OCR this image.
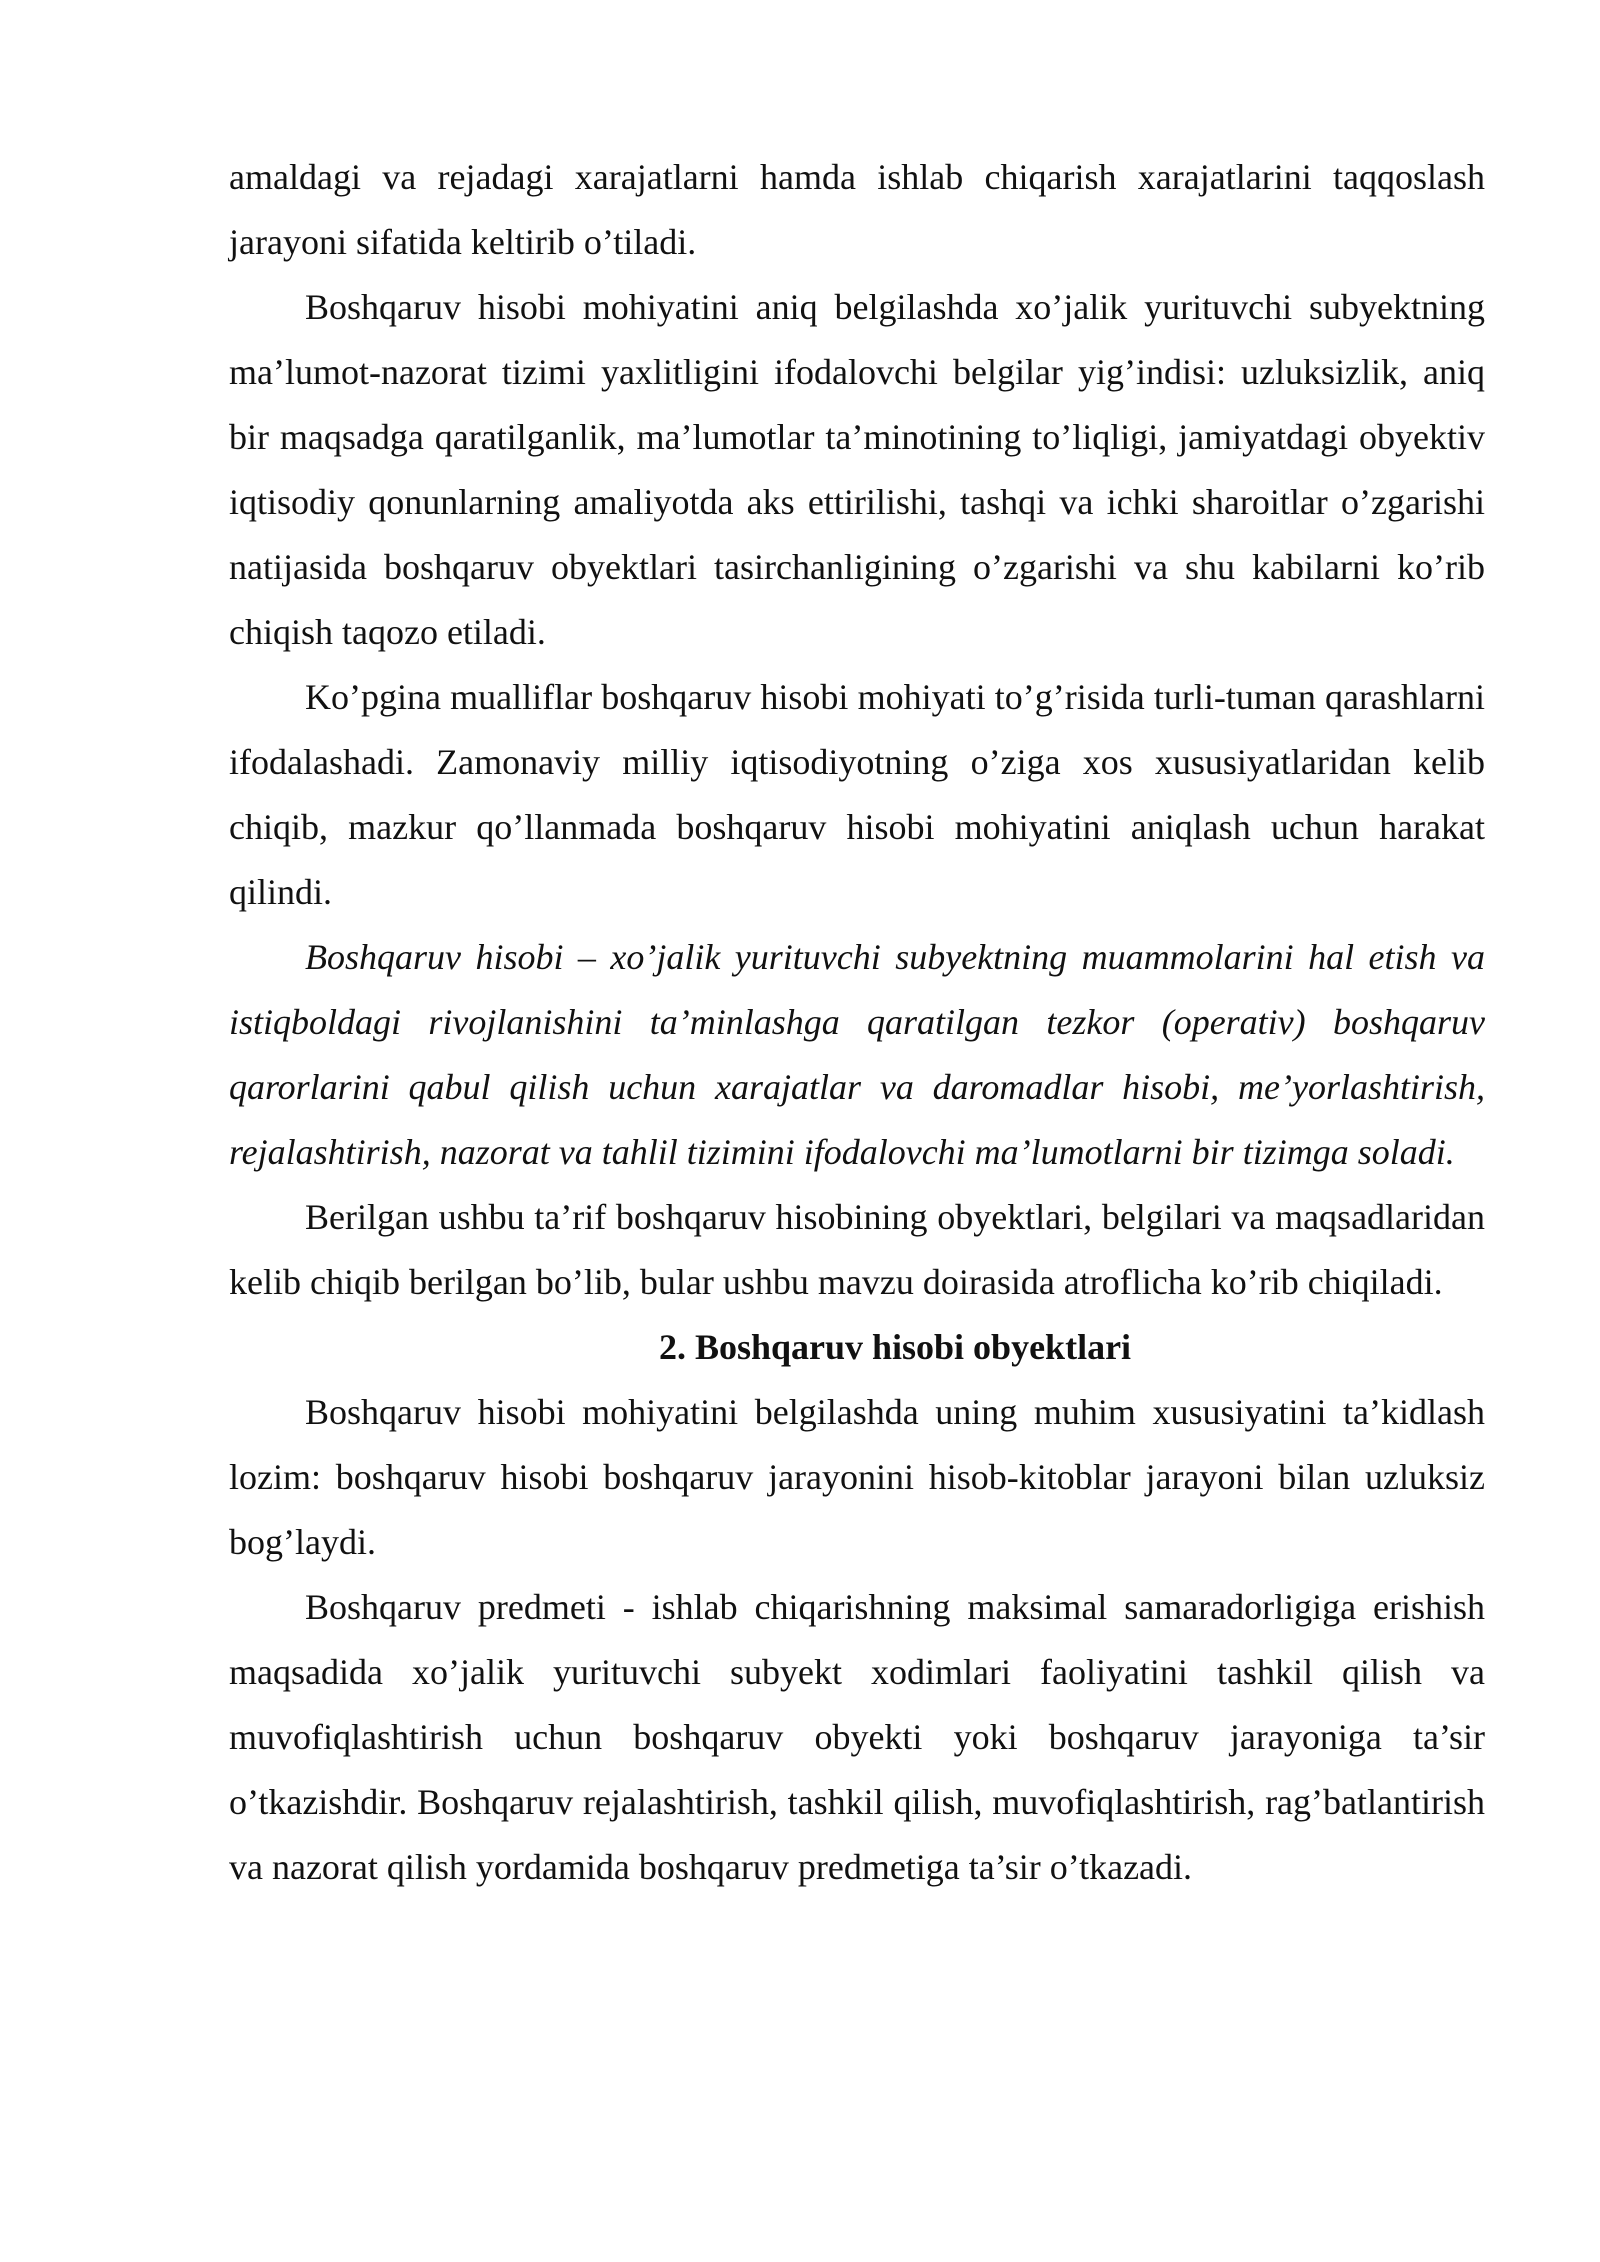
amaldagi va rejadagi xarajatlarni hamda ishlab chiqarish xarajatlarini taqqoslash jarayoni sifatida keltirib o’tiladi.

Boshqaruv hisobi mohiyatini aniq belgilashda xo’jalik yurituvchi subyektning ma’lumot-nazorat tizimi yaxlitligini ifodalovchi belgilar yig’indisi: uzluksizlik, aniq bir maqsadga qaratilganlik, ma’lumotlar ta’minotining to’liqligi, jamiyatdagi obyektiv iqtisodiy qonunlarning amaliyotda aks ettirilishi, tashqi va ichki sharoitlar o’zgarishi natijasida boshqaruv obyektlari tasirchanligining o’zgarishi va shu kabilarni ko’rib chiqish taqozo etiladi.

Ko’pgina mualliflar boshqaruv hisobi mohiyati to’g’risida turli-tuman qarashlarni ifodalashadi. Zamonaviy milliy iqtisodiyotning o’ziga xos xususiyatlaridan kelib chiqib, mazkur qo’llanmada boshqaruv hisobi mohiyatini aniqlash uchun harakat qilindi.

Boshqaruv hisobi – xo’jalik yurituvchi subyektning muammolarini hal etish va istiqboldagi rivojlanishini ta’minlashga qaratilgan tezkor (operativ) boshqaruv qarorlarini qabul qilish uchun xarajatlar va daromadlar hisobi, me’yorlashtirish, rejalashtirish, nazorat va tahlil tizimini ifodalovchi ma’lumotlarni bir tizimga soladi.

Berilgan ushbu ta’rif boshqaruv hisobining obyektlari, belgilari va maqsadlaridan kelib chiqib berilgan bo’lib, bular ushbu mavzu doirasida atroflicha ko’rib chiqiladi.

2. Boshqaruv hisobi obyektlari

Boshqaruv hisobi mohiyatini belgilashda uning muhim xususiyatini ta’kidlash lozim: boshqaruv hisobi boshqaruv jarayonini hisob-kitoblar jarayoni bilan uzluksiz bog’laydi.

Boshqaruv predmeti - ishlab chiqarishning maksimal samaradorligiga erishish maqsadida xo’jalik yurituvchi subyekt xodimlari faoliyatini tashkil qilish va muvofiqlashtirish uchun boshqaruv obyekti yoki boshqaruv jarayoniga ta’sir o’tkazishdir. Boshqaruv rejalashtirish, tashkil qilish, muvofiqlashtirish, rag’batlantirish va nazorat qilish yordamida boshqaruv predmetiga ta’sir o’tkazadi.
